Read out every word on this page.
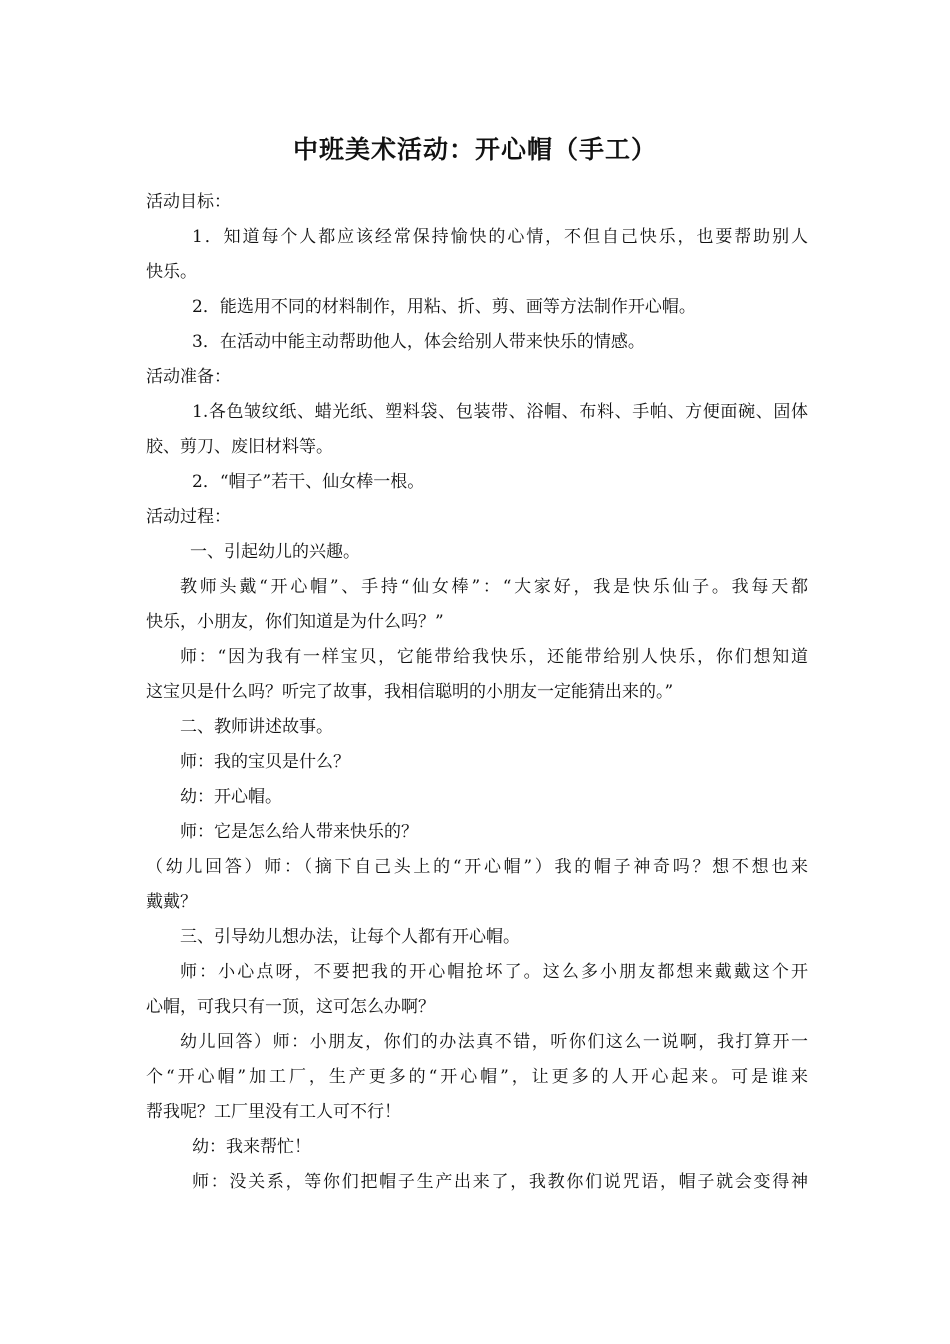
中班美术活动：开心帽（手工）
活动目标：
1．知道每个人都应该经常保持愉快的心情，不但自己快乐，也要帮助别人
快乐。
2．能选用不同的材料制作，用粘、折、剪、画等方法制作开心帽。
3．在活动中能主动帮助他人，体会给别人带来快乐的情感。
活动准备：
1.各色皱纹纸、蜡光纸、塑料袋、包装带、浴帽、布料、手帕、方便面碗、固体
胶、剪刀、废旧材料等。
2．“帽子”若干、仙女棒一根。
活动过程：
一、引起幼儿的兴趣。
教师头戴“开心帽”、手持“仙女棒”：“大家好，我是快乐仙子。我每天都
快乐，小朋友，你们知道是为什么吗？”
师：“因为我有一样宝贝，它能带给我快乐，还能带给别人快乐，你们想知道
这宝贝是什么吗？听完了故事，我相信聪明的小朋友一定能猜出来的。”
二、教师讲述故事。
师：我的宝贝是什么？
幼：开心帽。
师：它是怎么给人带来快乐的？
（幼儿回答）师：（摘下自己头上的“开心帽”）我的帽子神奇吗？想不想也来
戴戴？
三、引导幼儿想办法，让每个人都有开心帽。
师：小心点呀，不要把我的开心帽抢坏了。这么多小朋友都想来戴戴这个开
心帽，可我只有一顶，这可怎么办啊？
幼儿回答）师：小朋友，你们的办法真不错，听你们这么一说啊，我打算开一
个“开心帽”加工厂，生产更多的“开心帽”，让更多的人开心起来。可是谁来
帮我呢？工厂里没有工人可不行！
幼：我来帮忙！
师：没关系，等你们把帽子生产出来了，我教你们说咒语，帽子就会变得神
